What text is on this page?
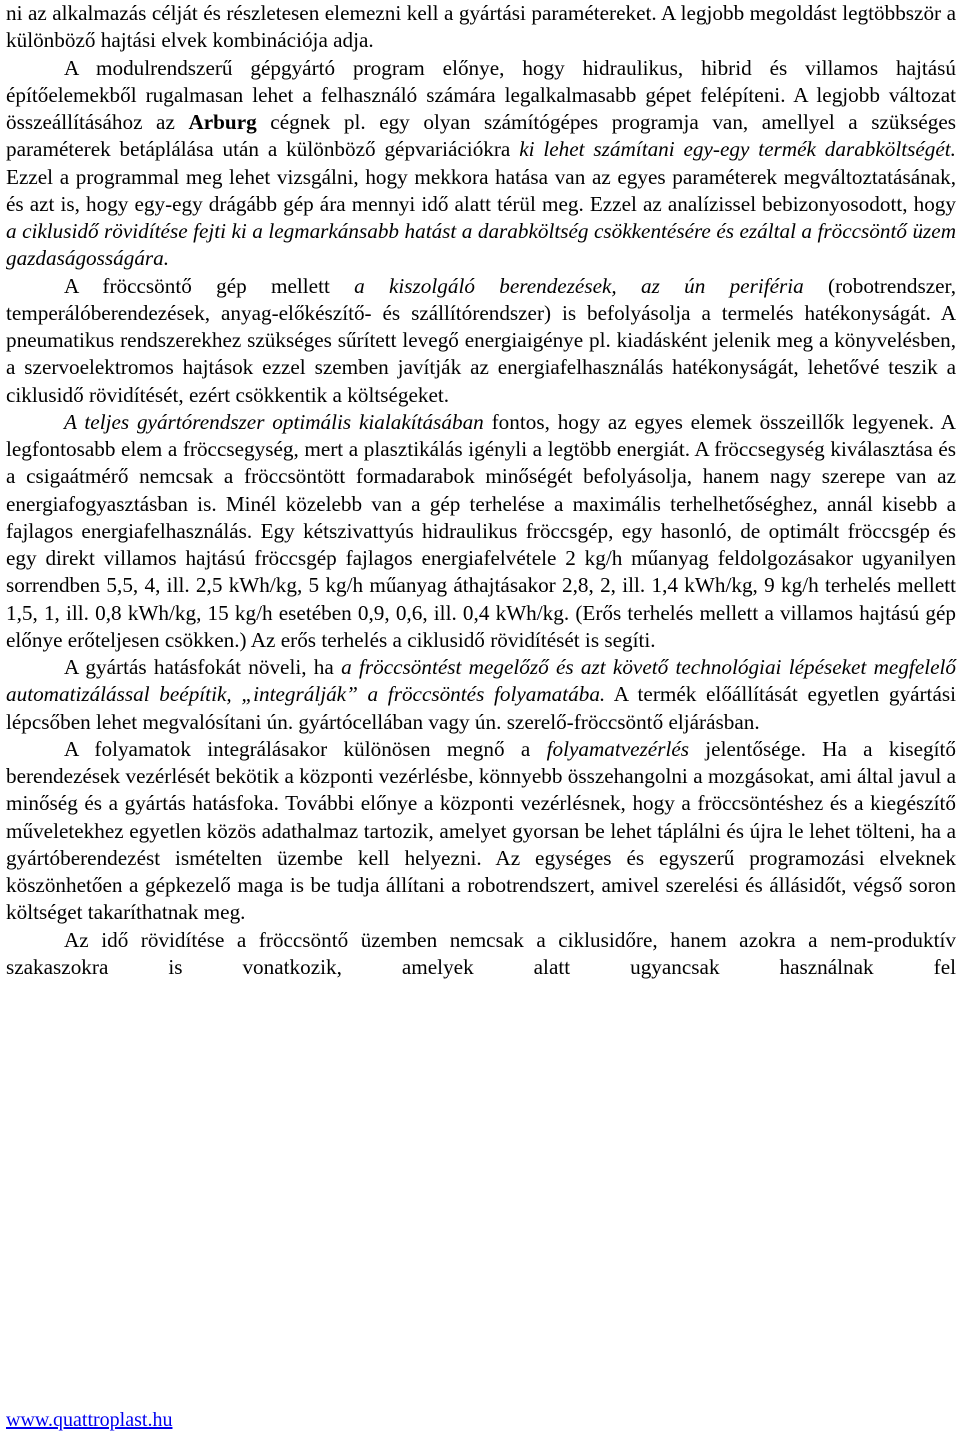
ni az alkalmazás célját és részletesen elemezni kell a gyártási paramétereket. A legjobb megoldást legtöbbször a különböző hajtási elvek kombinációja adja.

A modulrendszerű gépgyártó program előnye, hogy hidraulikus, hibrid és villamos hajtású építőelemekből rugalmasan lehet a felhasználó számára legalkalmasabb gépet felépíteni. A legjobb változat összeállításához az Arburg cégnek pl. egy olyan számítógépes programja van, amellyel a szükséges paraméterek betáplálása után a különböző gépvariációkra ki lehet számítani egy-egy termék darabköltségét. Ezzel a programmal meg lehet vizsgálni, hogy mekkora hatása van az egyes paraméterek megváltoztatásának, és azt is, hogy egy-egy drágább gép ára mennyi idő alatt térül meg. Ezzel az analízissel bebizonyosodott, hogy a ciklusidő rövidítése fejti ki a legmarkánsabb hatást a darabköltség csökkentésére és ezáltal a fröccsöntő üzem gazdaságosságára.

A fröccsöntő gép mellett a kiszolgáló berendezések, az ún periféria (robotrendszer, temperálóberendezések, anyag-előkészítő- és szállítórendszer) is befolyásolja a termelés hatékonyságát. A pneumatikus rendszerekhez szükséges sűrített levegő energiaigénye pl. kiadásként jelenik meg a könyvelésben, a szervoelektromos hajtások ezzel szemben javítják az energiafelhasználás hatékonyságát, lehetővé teszik a ciklusidő rövidítését, ezért csökkentik a költségeket.

A teljes gyártórendszer optimális kialakításában fontos, hogy az egyes elemek összeillők legyenek. A legfontosabb elem a fröccsegység, mert a plasztikálás igényli a legtöbb energiát. A fröccsegység kiválasztása és a csigaátmérő nemcsak a fröccsöntött formadarabok minőségét befolyásolja, hanem nagy szerepe van az energiafogyasztásban is. Minél közelebb van a gép terhelése a maximális terhelhetőséghez, annál kisebb a fajlagos energiafelhasználás. Egy kétszivattyús hidraulikus fröccsgép, egy hasonló, de optimált fröccsgép és egy direkt villamos hajtású fröccsgép fajlagos energiafelvétele 2 kg/h műanyag feldolgozásakor ugyanilyen sorrendben 5,5, 4, ill. 2,5 kWh/kg, 5 kg/h műanyag áthajtásakor 2,8, 2, ill. 1,4 kWh/kg, 9 kg/h terhelés mellett 1,5, 1, ill. 0,8 kWh/kg, 15 kg/h esetében 0,9, 0,6, ill. 0,4 kWh/kg. (Erős terhelés mellett a villamos hajtású gép előnye erőteljesen csökken.) Az erős terhelés a ciklusidő rövidítését is segíti.

A gyártás hatásfokát növeli, ha a fröccsöntést megelőző és azt követő technológiai lépéseket megfelelő automatizálással beépítik, „integrálják” a fröccsöntés folyamatába. A termék előállítását egyetlen gyártási lépcsőben lehet megvalósítani ún. gyártócellában vagy ún. szerelő-fröccsöntő eljárásban.

A folyamatok integrálásakor különösen megnő a folyamatvezérlés jelentősége. Ha a kisegítő berendezések vezérlését bekötik a központi vezérlésbe, könnyebb összehangolni a mozgásokat, ami által javul a minőség és a gyártás hatásfoka. További előnye a központi vezérlésnek, hogy a fröccsöntéshez és a kiegészítő műveletekhez egyetlen közös adathalmaz tartozik, amelyet gyorsan be lehet táplálni és újra le lehet tölteni, ha a gyártóberendezést ismételten üzembe kell helyezni. Az egységes és egyszerű programozási elveknek köszönhetően a gépkezelő maga is be tudja állítani a robotrendszert, amivel szerelési és állásidőt, végső soron költséget takaríthatnak meg.

Az idő rövidítése a fröccsöntő üzemben nemcsak a ciklusidőre, hanem azokra a nem-produktív szakaszokra is vonatkozik, amelyek alatt ugyancsak használnak fel

www.quattroplast.hu
